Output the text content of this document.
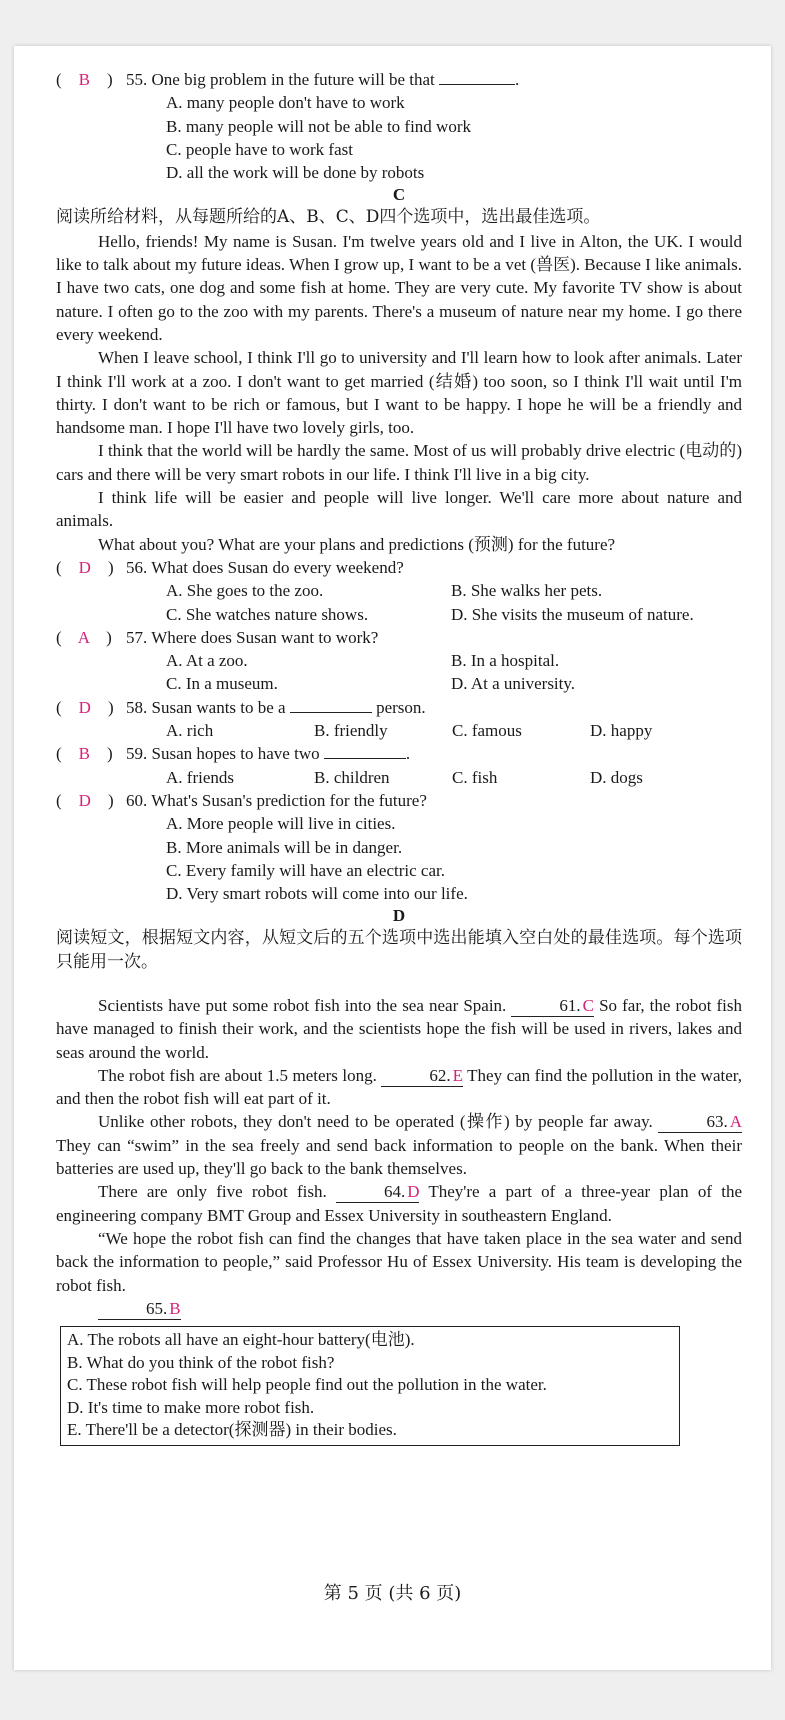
(    B    ) 55. One big problem in the future will be that	.
A. many people don't have to work
B. many people will not be able to find work
C. people have to work fast
D. all the work will be done by robots

C

阅读所给材料，从每题所给的A、B、C、D四个选项中，选出最佳选项。

Hello, friends! My name is Susan. I'm twelve years old and I live in Alton, the UK. I would like to talk about my future ideas. When I grow up, I want to be a vet (兽医). Because I like animals. I have two cats, one dog and some fish at home. They are very cute. My favorite TV show is about nature. I often go to the zoo with my parents. There's a museum of nature near my home. I go there every weekend.

When I leave school, I think I'll go to university and I'll learn how to look after animals. Later I think I'll work at a zoo. I don't want to get married (结婚) too soon, so I think I'll wait until I'm thirty. I don't want to be rich or famous, but I want to be happy. I hope he will be a friendly and handsome man. I hope I'll have two lovely girls, too.

I think that the world will be hardly the same. Most of us will probably drive electric (电动的) cars and there will be very smart robots in our life. I think I'll live in a big city.

I think life will be easier and people will live longer. We'll care more about nature and animals.

What about you? What are your plans and predictions (预测) for the future?

(    D    ) 56. What does Susan do every weekend?
A. She goes to the zoo.	B. She walks her pets.
C. She watches nature shows.	D. She visits the museum of nature.
(    A    ) 57. Where does Susan want to work?
A. At a zoo.	B. In a hospital.
C. In a museum.	D. At a university.
(    D    ) 58. Susan wants to be a	person.
A. rich	B. friendly	C. famous	D. happy
(    B    ) 59. Susan hopes to have two	.
A. friends	B. children	C. fish	D. dogs
(    D    ) 60. What's Susan's prediction for the future?
A. More people will live in cities.
B. More animals will be in danger.
C. Every family will have an electric car.
D. Very smart robots will come into our life.

D

阅读短文，根据短文内容，从短文后的五个选项中选出能填入空白处的最佳选项。每个选项只能用一次。

Scientists have put some robot fish into the sea near Spain.	61. C So far, the robot fish have managed to finish their work, and the scientists hope the fish will be used in rivers, lakes and seas around the world.

The robot fish are about 1.5 meters long.	62. E They can find the pollution in the water, and then the robot fish will eat part of it.

Unlike other robots, they don't need to be operated (操作) by people far away.	63. A They can “swim” in the sea freely and send back information to people on the bank. When their batteries are used up, they'll go back to the bank themselves.

There are only five robot fish.	64. D They're a part of a three-year plan of the engineering company BMT Group and Essex University in southeastern England.

“We hope the robot fish can find the changes that have taken place in the sea water and send back the information to people,” said Professor Hu of Essex University. His team is developing the robot fish.

65. B

A. The robots all have an eight-hour battery(电池).
B. What do you think of the robot fish?
C. These robot fish will help people find out the pollution in the water.
D. It's time to make more robot fish.
E. There'll be a detector(探测器) in their bodies.
第 5 页 (共 6 页)
